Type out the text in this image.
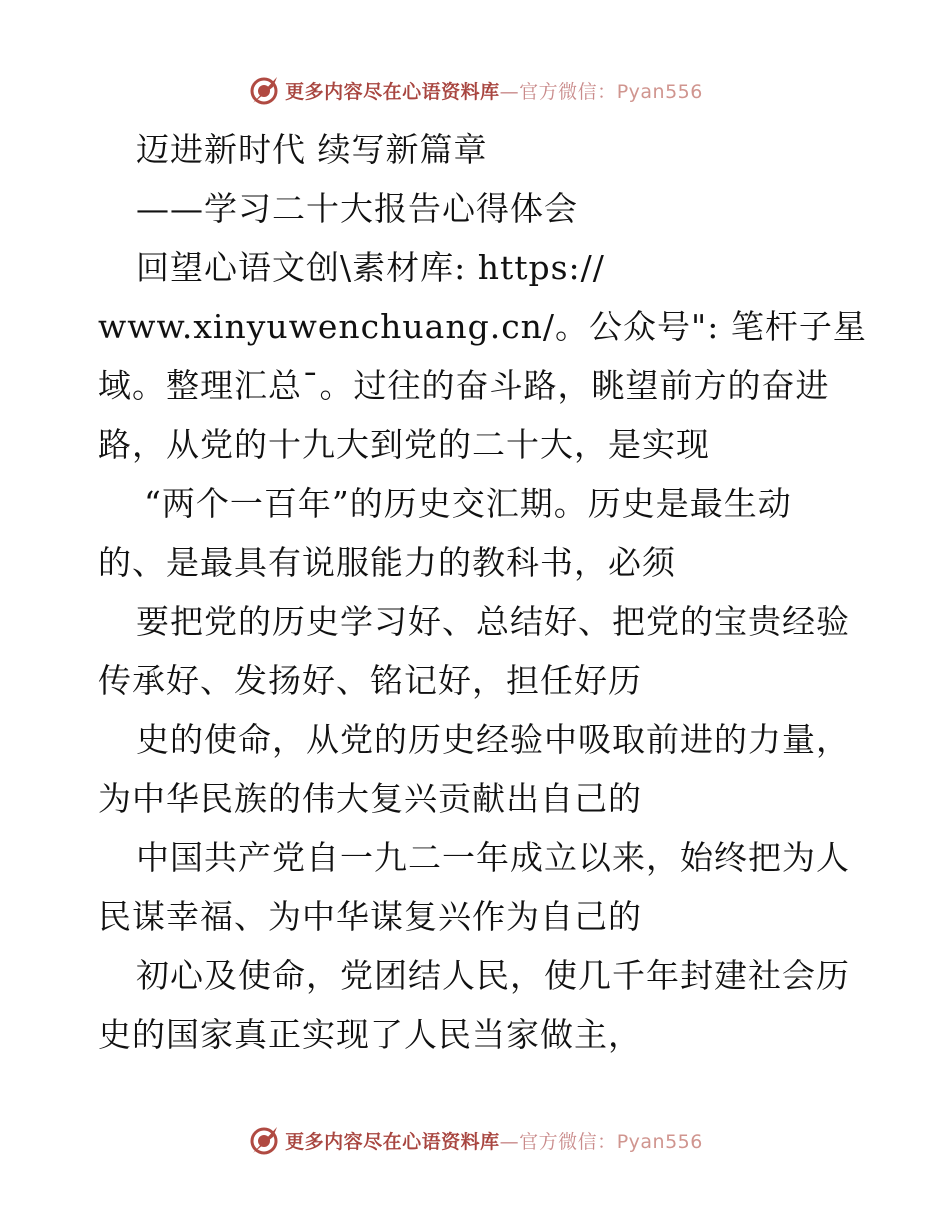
更多内容尽在心语资料库—官方微信：Pyan556
迈进新时代 续写新篇章
——学习二十大报告心得体会
回望心语文创\素材库: https://
www.xinyuwenchuang.cn/。公众号": 笔杆子星
域。整理汇总¯。过往的奋斗路，眺望前方的奋进
路，从党的十九大到党的二十大，是实现
“两个一百年”的历史交汇期。历史是最生动
的、是最具有说服能力的教科书，必须
要把党的历史学习好、总结好、把党的宝贵经验
传承好、发扬好、铭记好，担任好历
史的使命，从党的历史经验中吸取前进的力量，
为中华民族的伟大复兴贡献出自己的
中国共产党自一九二一年成立以来，始终把为人
民谋幸福、为中华谋复兴作为自己的
初心及使命，党团结人民，使几千年封建社会历
史的国家真正实现了人民当家做主，
更多内容尽在心语资料库—官方微信：Pyan556
